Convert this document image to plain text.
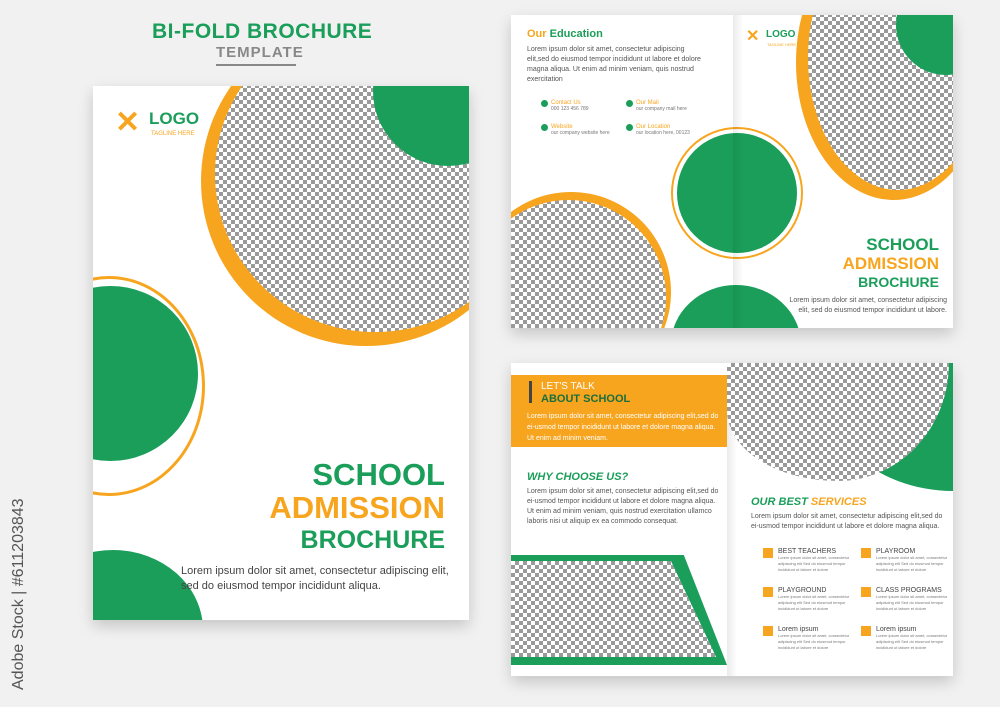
BI-FOLD BROCHURE
TEMPLATE
Adobe Stock | #611203843
✕ LOGO
TAGLINE HERE
SCHOOL
ADMISSION
BROCHURE
Lorem ipsum dolor sit amet, consectetur adipiscing elit, sed do eiusmod tempor incididunt aliqua.
Our Education
Lorem ipsum dolor sit amet, consectetur adipiscing elit,sed do eiusmod tempor incididunt ut labore et dolore magna aliqua. Ut enim ad minim veniam, quis nostrud exercitation
Contact Us
000 123 456 789
Our Mail
our company mail here
Website
our company website here
Our Location
our location here, 00123
✕ LOGO
TAGLINE HERE
SCHOOL
ADMISSION
BROCHURE
Lorem ipsum dolor sit amet, consectetur adipiscing elit, sed do eiusmod tempor incididunt ut labore.
LET'S TALK
ABOUT SCHOOL
Lorem ipsum dolor sit amet, consectetur adipiscing elit,sed do ei-usmod tempor incididunt ut labore et dolore magna aliqua. Ut enim ad minim veniam.
WHY CHOOSE US?
Lorem ipsum dolor sit amet, consectetur adipiscing elit,sed do ei-usmod tempor incididunt ut labore et dolore magna aliqua. Ut enim ad minim veniam, quis nostrud exercitation ullamco laboris nisi ut aliquip ex ea commodo consequat.
OUR BEST SERVICES
Lorem ipsum dolor sit amet, consectetur adipiscing elit,sed do ei-usmod tempor incididunt ut labore et dolore magna aliqua.
BEST TEACHERS
Lorem ipsum dolor sit amet, consectetur adipiscing elit Sed do eiusmod tempor incididunt ut labore et dolore
PLAYROOM
Lorem ipsum dolor sit amet, consectetur adipiscing elit Sed do eiusmod tempor incididunt ut labore et dolore
PLAYGROUND
Lorem ipsum dolor sit amet, consectetur adipiscing elit Sed do eiusmod tempor incididunt ut labore et dolore
CLASS PROGRAMS
Lorem ipsum dolor sit amet, consectetur adipiscing elit Sed do eiusmod tempor incididunt ut labore et dolore
Lorem ipsum
Lorem ipsum dolor sit amet, consectetur adipiscing elit Sed do eiusmod tempor incididunt ut labore et dolore
Lorem ipsum
Lorem ipsum dolor sit amet, consectetur adipiscing elit Sed do eiusmod tempor incididunt ut labore et dolore
